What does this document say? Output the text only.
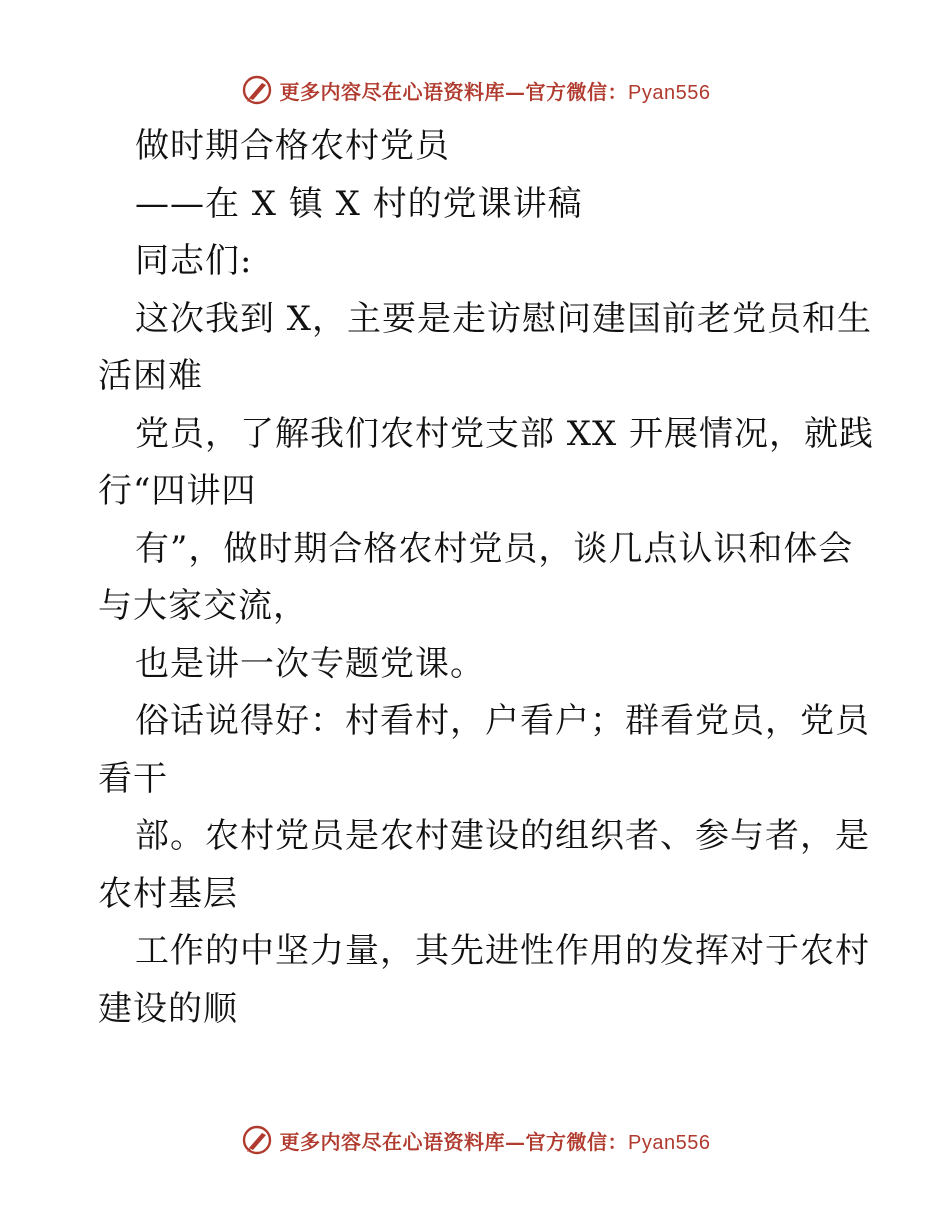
更多内容尽在心语资料库—官方微信：Pyan556
做时期合格农村党员
——在 X 镇 X 村的党课讲稿
同志们:
这次我到 X，主要是走访慰问建国前老党员和生
活困难
党员，了解我们农村党支部 XX 开展情况，就践
行“四讲四
有”，做时期合格农村党员，谈几点认识和体会
与大家交流，
也是讲一次专题党课。
俗话说得好：村看村，户看户；群看党员，党员
看干
部。农村党员是农村建设的组织者、参与者，是
农村基层
工作的中坚力量，其先进性作用的发挥对于农村
建设的顺
更多内容尽在心语资料库—官方微信：Pyan556
